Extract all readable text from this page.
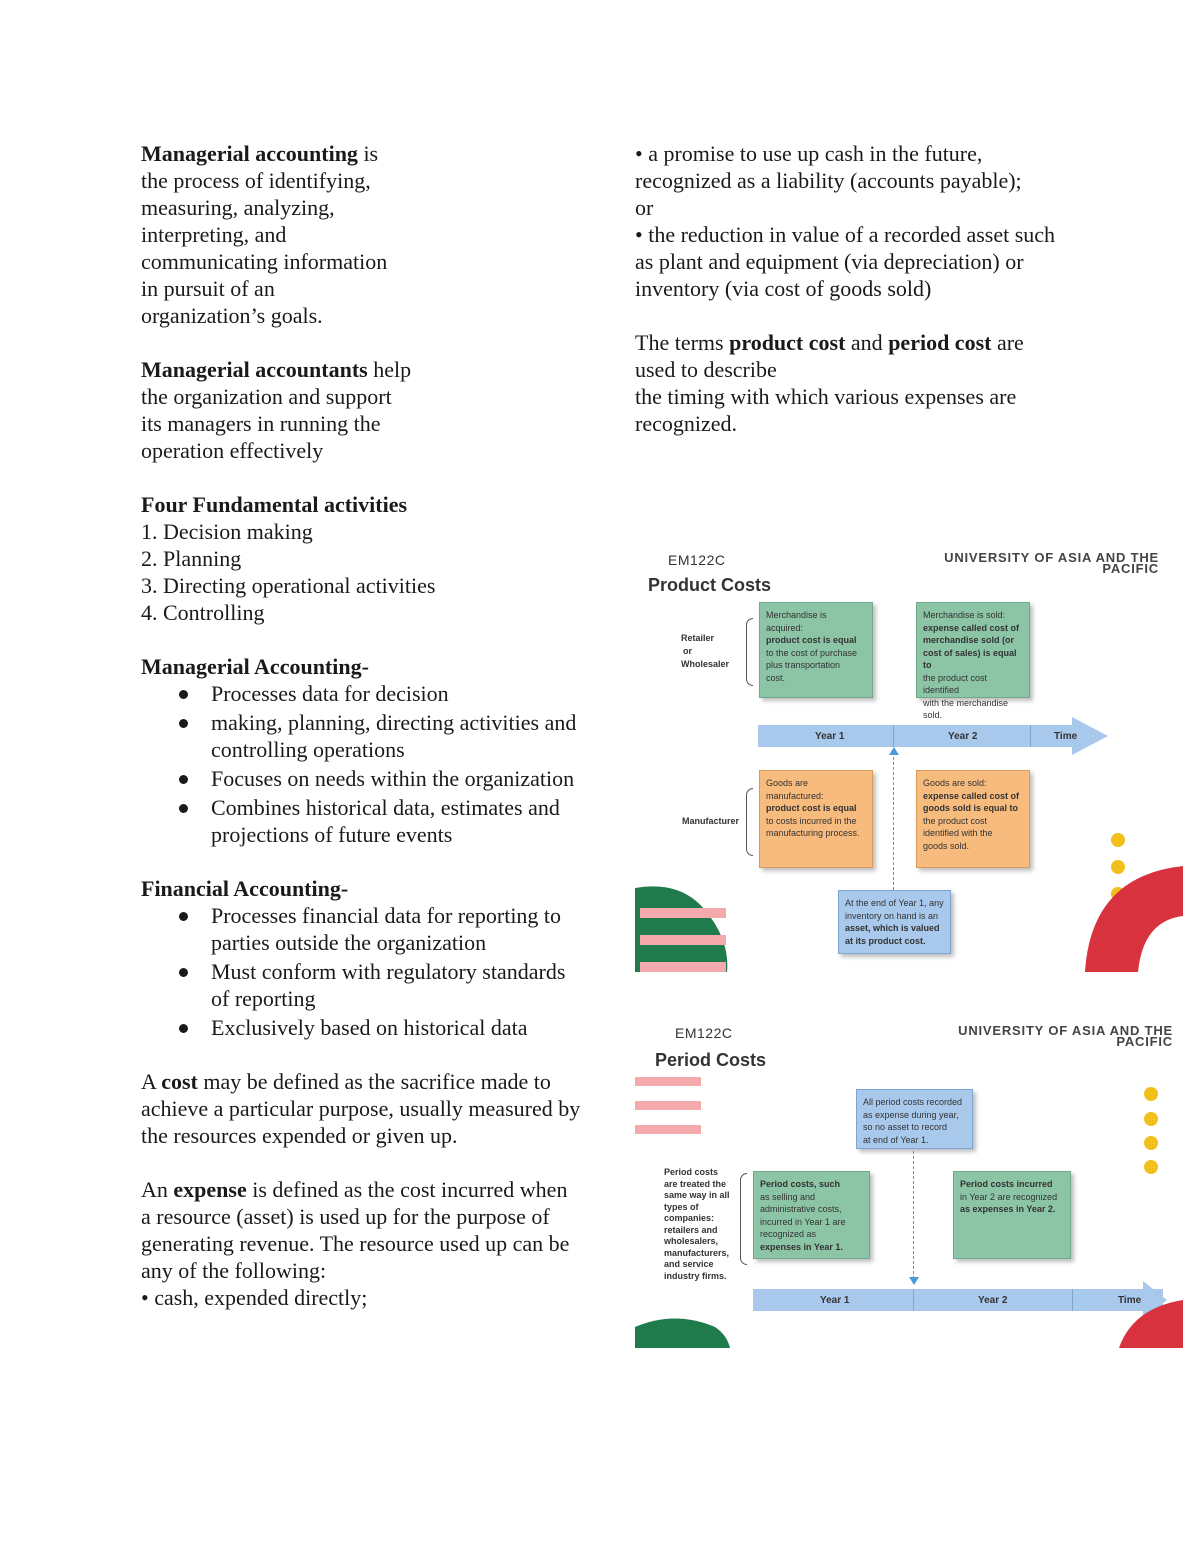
Managerial accounting is
the process of identifying,
measuring, analyzing,
interpreting, and
communicating information
in pursuit of an
organization’s goals.

Managerial accountants help
the organization and support
its managers in running the
operation effectively

Four Fundamental activities

1. Decision making
2. Planning
3. Directing operational activities
4. Controlling

Managerial Accounting-

Processes data for decision
making, planning, directing activities and controlling operations
Focuses on needs within the organization
Combines historical data, estimates and projections of future events

Financial Accounting-

Processes financial data for reporting to parties outside the organization
Must conform with regulatory standards of reporting
Exclusively based on historical data

A cost may be defined as the sacrifice made to achieve a particular purpose, usually measured by the resources expended or given up.

An expense is defined as the cost incurred when a resource (asset) is used up for the purpose of generating revenue. The resource used up can be any of the following:
• cash, expended directly;

• a promise to use up cash in the future, recognized as a liability (accounts payable);

or

• the reduction in value of a recorded asset such as plant and equipment (via depreciation) or inventory (via cost of goods sold)

The terms product cost and period cost are
used to describe
the timing with which various expenses are
recognized.

EM122C	UNIVERSITY OF ASIA AND THE
PACIFIC
Product Costs
Retailer
or
Wholesaler
Merchandise is acquired:
product cost is equal
to the cost of purchase
plus transportation
cost.
Merchandise is sold:
expense called cost of
merchandise sold (or
cost of sales) is equal to
the product cost identified
with the merchandise sold.
Year 1	Year 2	Time
Manufacturer
Goods are manufactured:
product cost is equal
to costs incurred in the
manufacturing process.
Goods are sold:
expense called cost of
goods sold is equal to
the product cost
identified with the
goods sold.
At the end of Year 1, any
inventory on hand is an
asset, which is valued
at its product cost.
EM122C	UNIVERSITY OF ASIA AND THE
PACIFIC
Period Costs
All period costs recorded
as expense during year,
so no asset to record
at end of Year 1.
Period costs
are treated the
same way in all
types of
companies:
retailers and
wholesalers,
manufacturers,
and service
industry firms.
Period costs, such
as selling and
administrative costs,
incurred in Year 1 are
recognized as
expenses in Year 1.
Period costs incurred
in Year 2 are recognized
as expenses in Year 2.
Year 1	Year 2	Time
